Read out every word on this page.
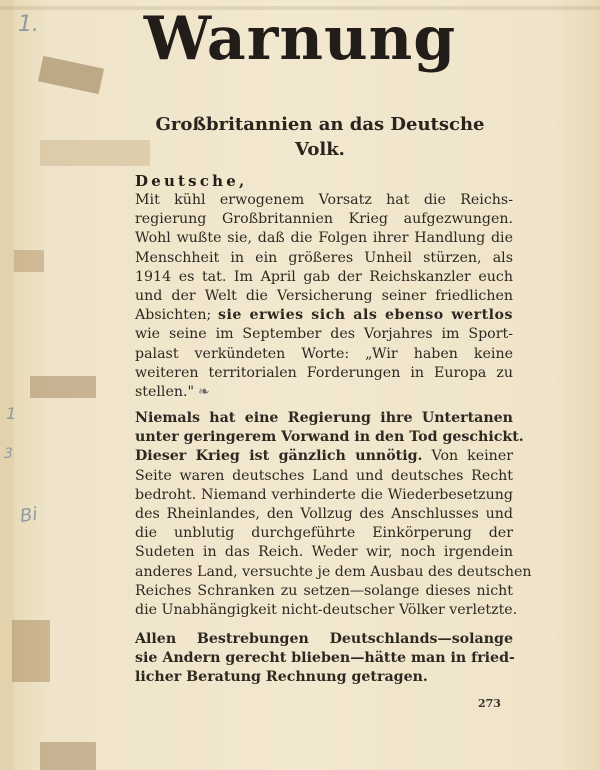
1.
1
3
Bi
Warnung
Großbritannien an das Deutsche Volk.
Deutsche,
Mit kühl erwogenem Vorsatz hat die Reichs-
regierung Großbritannien Krieg aufgezwungen.
Wohl wußte sie, daß die Folgen ihrer Handlung die
Menschheit in ein größeres Unheil stürzen, als
1914 es tat. Im April gab der Reichskanzler euch
und der Welt die Versicherung seiner friedlichen
Absichten; sie erwies sich als ebenso wertlos
wie seine im September des Vorjahres im Sport-
palast verkündeten Worte: „Wir haben keine
weiteren territorialen Forderungen in Europa zu
stellen." ❧
Niemals hat eine Regierung ihre Untertanen
unter geringerem Vorwand in den Tod geschickt.
Dieser Krieg ist gänzlich unnötig. Von keiner
Seite waren deutsches Land und deutsches Recht
bedroht. Niemand verhinderte die Wiederbesetzung
des Rheinlandes, den Vollzug des Anschlusses und
die unblutig durchgeführte Einkörperung der
Sudeten in das Reich. Weder wir, noch irgendein
anderes Land, versuchte je dem Ausbau des deutschen
Reiches Schranken zu setzen—solange dieses nicht
die Unabhängigkeit nicht-deutscher Völker verletzte.
Allen Bestrebungen Deutschlands—solange
sie Andern gerecht blieben—hätte man in fried-
licher Beratung Rechnung getragen.
273
